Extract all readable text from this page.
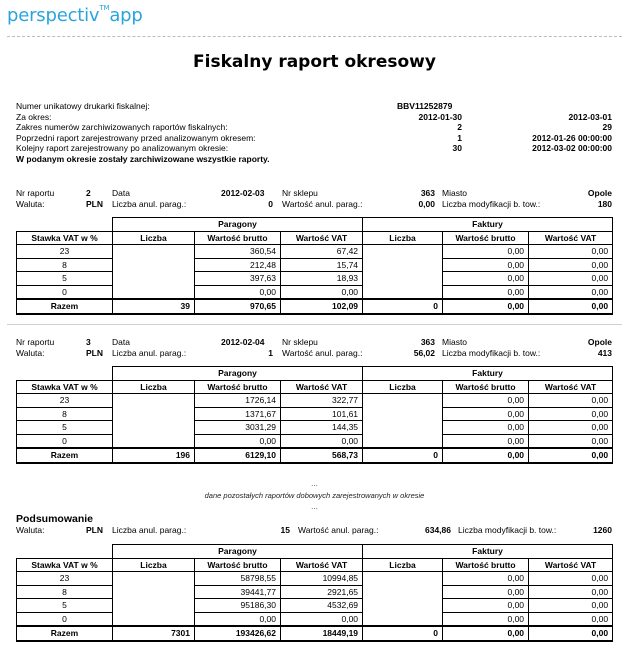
perspectiv™app
Fiskalny raport okresowy
Numer unikatowy drukarki fiskalnej:	BBV11252879
Za okres:	2012-01-30	2012-03-01
Zakres numerów zarchiwizowanych raportów fiskalnych:	2	29
Poprzedni raport zarejestrowany przed analizowanym okresem:	1	2012-01-26 00:00:00
Kolejny raport zarejestrowany po analizowanym okresie:	30	2012-03-02 00:00:00
W podanym okresie zostały zarchiwizowane wszystkie raporty.
Nr raportu	2	Data	2012-02-03 Nr sklepu	363 Miasto	Opole
Waluta:	PLN Liczba anul. parag.:	0 Wartość anul. parag.:	0,00 Liczba modyfikacji b. tow.:	180
	Paragony			Faktury		
Stawka VAT w %	Liczba	Wartość brutto	Wartość VAT	Liczba	Wartość brutto	Wartość VAT
23		360,54	67,42		0,00	0,00
8		212,48	15,74		0,00	0,00
5		397,63	18,93		0,00	0,00
0		0,00	0,00		0,00	0,00
Razem	39	970,65	102,09	0	0,00	0,00
Nr raportu	3	Data	2012-02-04 Nr sklepu	363 Miasto	Opole
Waluta:	PLN Liczba anul. parag.:	1 Wartość anul. parag.:	56,02 Liczba modyfikacji b. tow.:	413
	Paragony			Faktury		
Stawka VAT w %	Liczba	Wartość brutto	Wartość VAT	Liczba	Wartość brutto	Wartość VAT
23		1726,14	322,77		0,00	0,00
8		1371,67	101,61		0,00	0,00
5		3031,29	144,35		0,00	0,00
0		0,00	0,00		0,00	0,00
Razem	196	6129,10	568,73	0	0,00	0,00
...
dane pozostałych raportów dobowych zarejestrowanych w okresie
...
Podsumowanie
Waluta:	PLN Liczba anul. parag.:	15 Wartość anul. parag.:	634,86 Liczba modyfikacji b. tow.:	1260
	Paragony			Faktury		
Stawka VAT w %	Liczba	Wartość brutto	Wartość VAT	Liczba	Wartość brutto	Wartość VAT
23		58798,55	10994,85		0,00	0,00
8		39441,77	2921,65		0,00	0,00
5		95186,30	4532,69		0,00	0,00
0		0,00	0,00		0,00	0,00
Razem	7301	193426,62	18449,19	0	0,00	0,00
